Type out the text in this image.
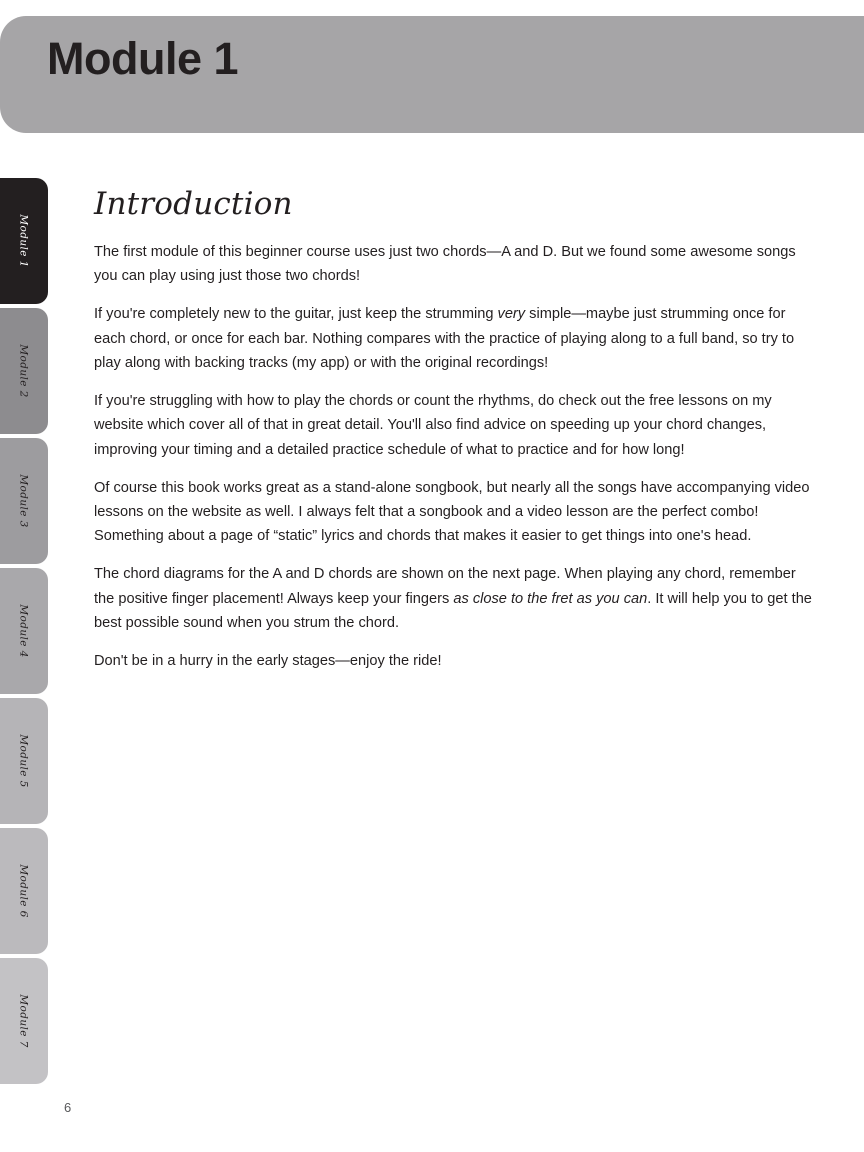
Module 1
Module 1
Module 2
Module 3
Module 4
Module 5
Module 6
Module 7
Introduction

The first module of this beginner course uses just two chords—A and D. But we found some awesome songs you can play using just those two chords!

If you're completely new to the guitar, just keep the strumming very simple—maybe just strumming once for each chord, or once for each bar. Nothing compares with the practice of playing along to a full band, so try to play along with backing tracks (my app) or with the original recordings!

If you're struggling with how to play the chords or count the rhythms, do check out the free lessons on my website which cover all of that in great detail. You'll also find advice on speeding up your chord changes, improving your timing and a detailed practice schedule of what to practice and for how long!

Of course this book works great as a stand-alone songbook, but nearly all the songs have accompanying video lessons on the website as well. I always felt that a songbook and a video lesson are the perfect combo! Something about a page of “static” lyrics and chords that makes it easier to get things into one's head.

The chord diagrams for the A and D chords are shown on the next page. When playing any chord, remember the positive finger placement! Always keep your fingers as close to the fret as you can. It will help you to get the best possible sound when you strum the chord.

Don't be in a hurry in the early stages—enjoy the ride!

6
